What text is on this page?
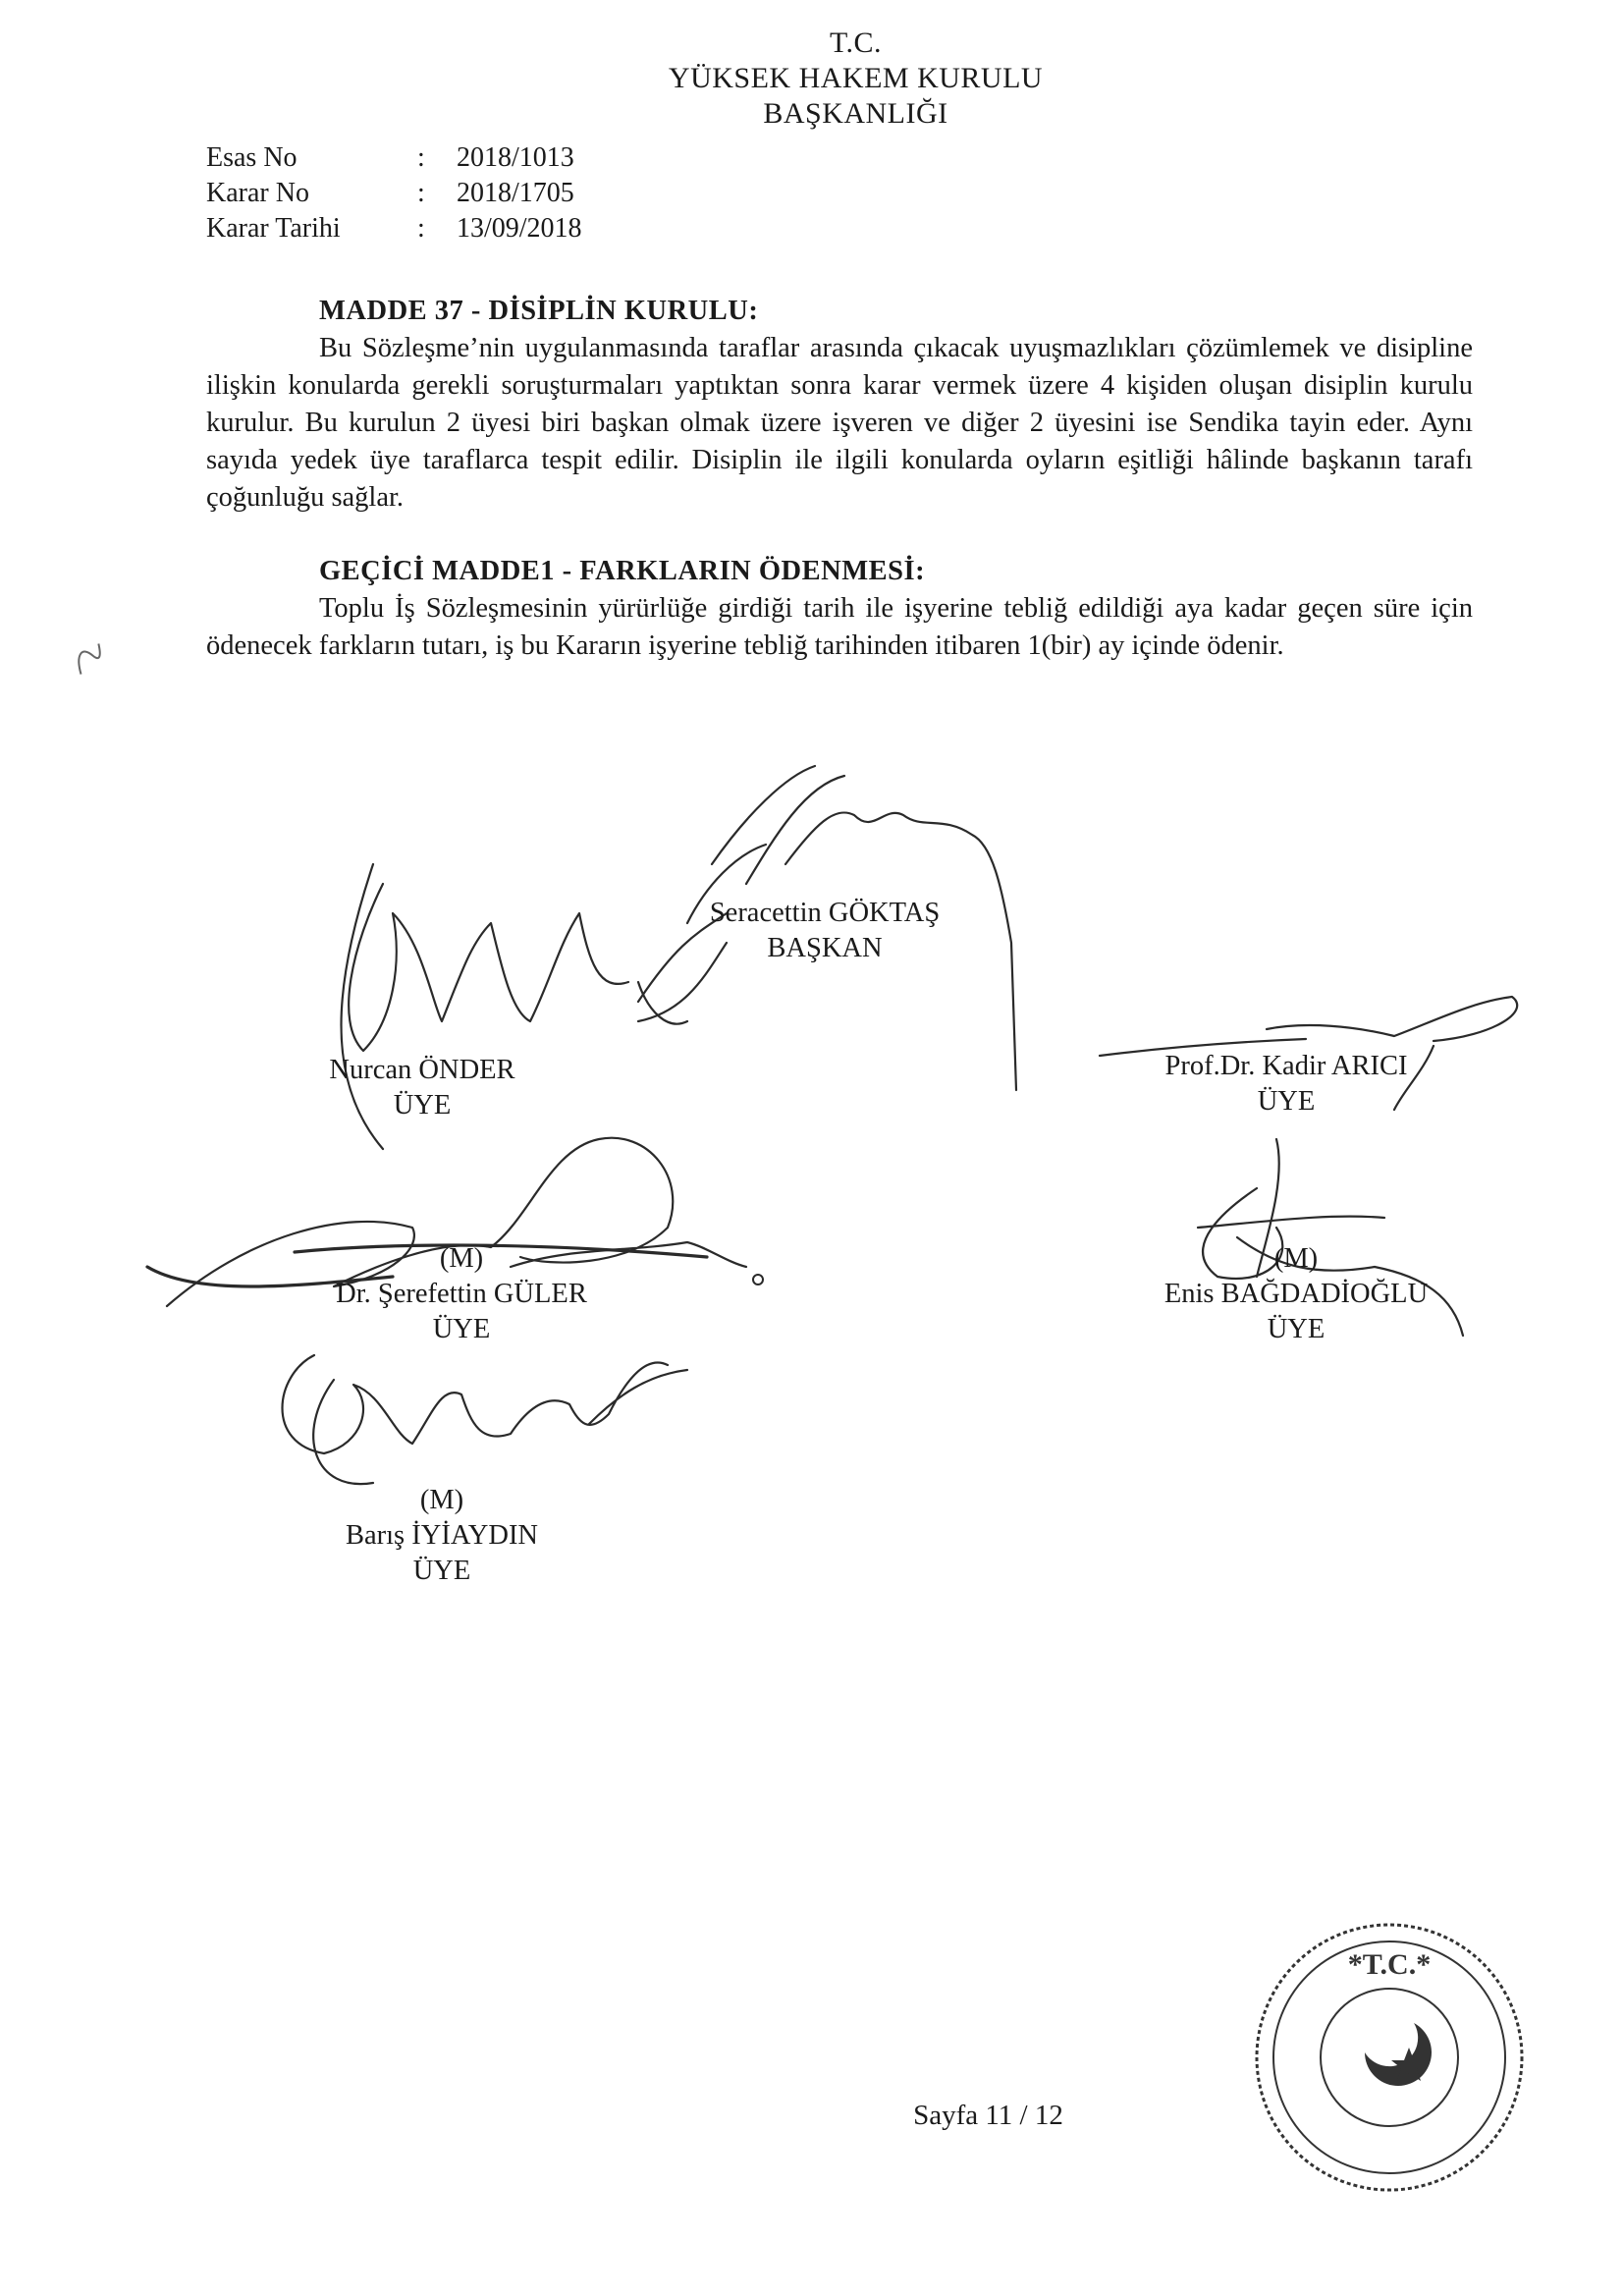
T.C.
YÜKSEK HAKEM KURULU
BAŞKANLIĞI
Esas No	:	2018/1013
Karar No	:	2018/1705
Karar Tarihi	:	13/09/2018
MADDE 37 - DİSİPLİN KURULU:

Bu Sözleşme’nin uygulanmasında taraflar arasında çıkacak uyuşmazlıkları çözümlemek ve disipline ilişkin konularda gerekli soruşturmaları yaptıktan sonra karar vermek üzere 4 kişiden oluşan disiplin kurulu kurulur. Bu kurulun 2 üyesi biri başkan olmak üzere işveren ve diğer 2 üyesini ise Sendika tayin eder. Aynı sayıda yedek üye taraflarca tespit edilir. Disiplin ile ilgili konularda oyların eşitliği hâlinde başkanın tarafı çoğunluğu sağlar.

GEÇİCİ MADDE1 - FARKLARIN ÖDENMESİ:

Toplu İş Sözleşmesinin yürürlüğe girdiği tarih ile işyerine tebliğ edildiği aya kadar geçen süre için ödenecek farkların tutarı, iş bu Kararın işyerine tebliğ tarihinden itibaren 1(bir) ay içinde ödenir.

Seracettin GÖKTAŞ
BAŞKAN
Nurcan ÖNDER
ÜYE
Prof.Dr. Kadir ARICI
ÜYE
(M)
Dr. Şerefettin GÜLER
ÜYE
(M)
Enis BAĞDADİOĞLU
ÜYE
(M)
Barış İYİAYDIN
ÜYE
*T.C.*
Sayfa 11 / 12
